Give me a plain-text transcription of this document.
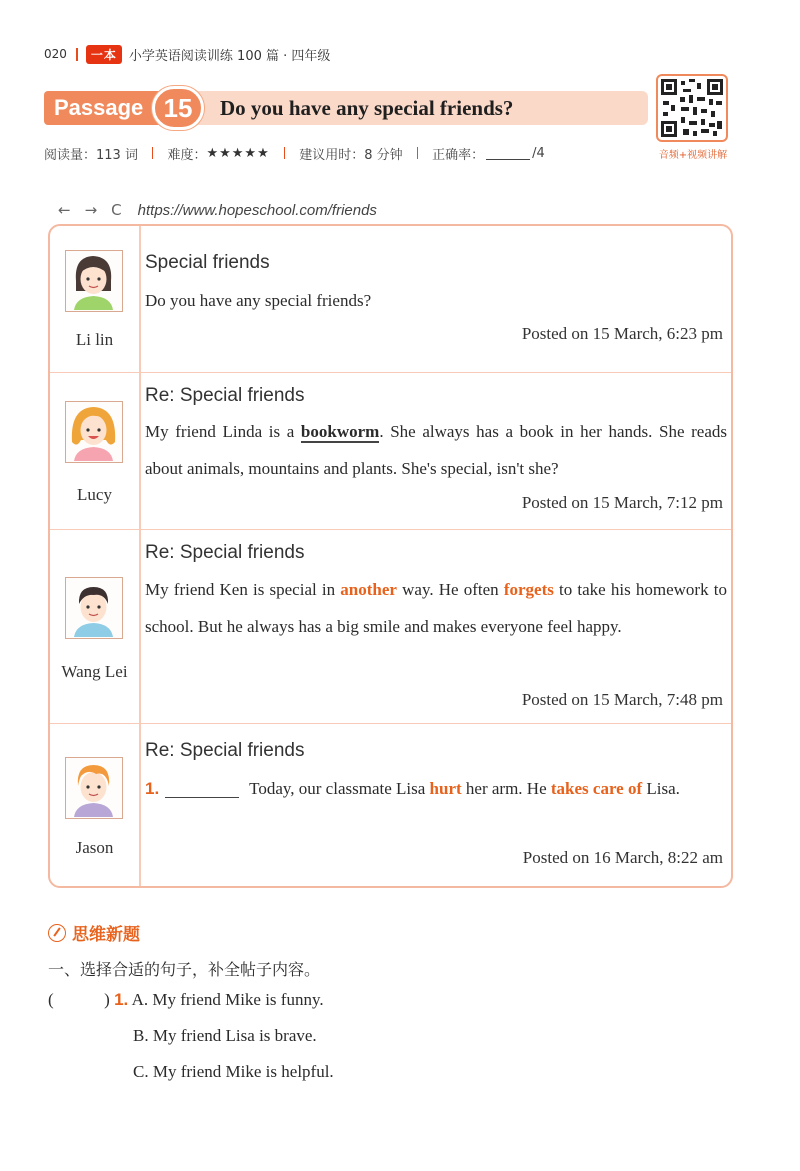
020	一本 小学英语阅读训练 100 篇 · 四年级
Passage 15	Do you have any special friends?
音频+视频讲解
阅读量：113 词 难度： ★★★★★ 建议用时：8 分钟 正确率：	/4
← → C https://www.hopeschool.com/friends
Li lin
Special friends
Do you have any special friends?
Posted on 15 March, 6:23 pm
Lucy
Re: Special friends
My friend Linda is a bookworm. She always has a book in her hands. She reads about animals, mountains and plants. She's special, isn't she?
Posted on 15 March, 7:12 pm
Wang Lei
Re: Special friends
My friend Ken is special in another way. He often forgets to take his homework to school. But he always has a big smile and makes everyone feel happy.
Posted on 15 March, 7:48 pm
Jason
Re: Special friends
1.	Today, our classmate Lisa hurt her arm. He takes care of Lisa.
Posted on 16 March, 8:22 am
思维新题
一、选择合适的句子，补全帖子内容。
(	) 1. A. My friend Mike is funny.
B. My friend Lisa is brave.
C. My friend Mike is helpful.
